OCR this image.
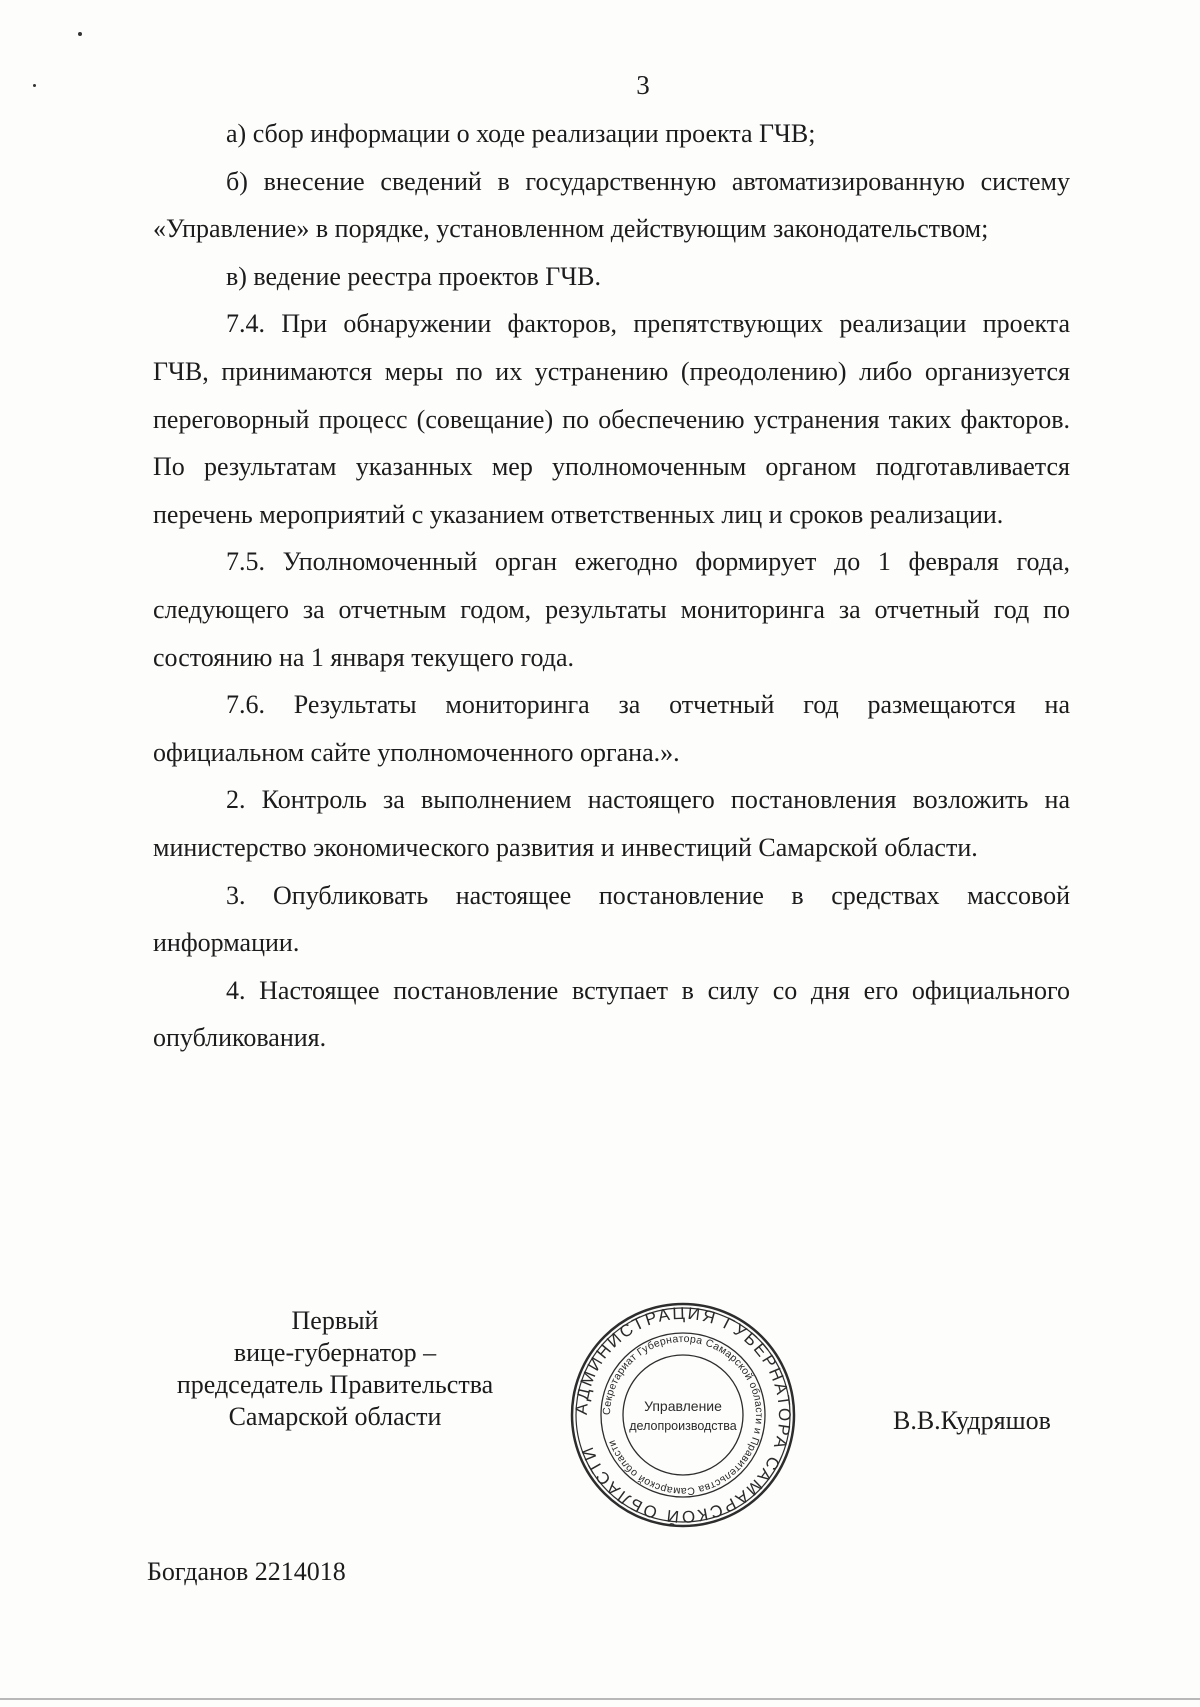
3

а) сбор информации о ходе реализации проекта ГЧВ;

б) внесение сведений в государственную автоматизированную систему «Управление» в порядке, установленном действующим законодательством;

в) ведение реестра проектов ГЧВ.

7.4. При обнаружении факторов, препятствующих реализации проекта ГЧВ, принимаются меры по их устранению (преодолению) либо организуется переговорный процесс (совещание) по обеспечению устранения таких факторов. По результатам указанных мер уполномоченным органом подготавливается перечень мероприятий с указанием ответственных лиц и сроков реализации.

7.5. Уполномоченный орган ежегодно формирует до 1 февраля года, следующего за отчетным годом, результаты мониторинга за отчетный год по состоянию на 1 января текущего года.

7.6. Результаты мониторинга за отчетный год размещаются на официальном сайте уполномоченного органа.».

2. Контроль за выполнением настоящего постановления возложить на министерство экономического развития и инвестиций Самарской области.

3. Опубликовать настоящее постановление в средствах массовой информации.

4. Настоящее постановление вступает в силу со дня его официального опубликования.

Первый
вице-губернатор –
председатель Правительства
Самарской области	АДМИНИСТРАЦИЯ ГУБЕРНАТОРА САМАРСКОЙ ОБЛАСТИ
Секретариат Губернатора Самарской области и Правительства Самарской области
Управление
делопроизводства	В.В.Кудряшов
Богданов 2214018
